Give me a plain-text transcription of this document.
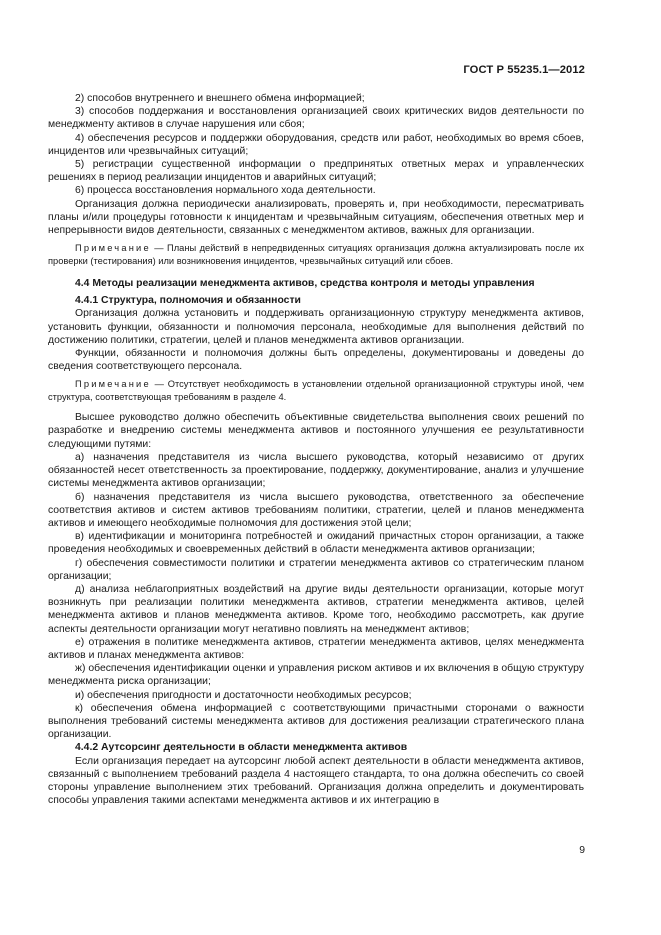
ГОСТ Р 55235.1—2012

2) способов внутреннего и внешнего обмена информацией;

3) способов поддержания и восстановления организацией своих критических видов деятельности по менеджменту активов в случае нарушения или сбоя;

4) обеспечения ресурсов и поддержки оборудования, средств или работ, необходимых во время сбоев, инцидентов или чрезвычайных ситуаций;

5) регистрации существенной информации о предпринятых ответных мерах и управленческих решениях в период реализации инцидентов и аварийных ситуаций;

6) процесса восстановления нормального хода деятельности.

Организация должна периодически анализировать, проверять и, при необходимости, пересматривать планы и/или процедуры готовности к инцидентам и чрезвычайным ситуациям, обеспечения ответных мер и непрерывности видов деятельности, связанных с менеджментом активов, важных для организации.

Примечание — Планы действий в непредвиденных ситуациях организация должна актуализировать после их проверки (тестирования) или возникновения инцидентов, чрезвычайных ситуаций или сбоев.

4.4 Методы реализации менеджмента активов, средства контроля и методы управления

4.4.1 Структура, полномочия и обязанности

Организация должна установить и поддерживать организационную структуру менеджмента активов, установить функции, обязанности и полномочия персонала, необходимые для выполнения действий по достижению политики, стратегии, целей и планов менеджмента активов организации.

Функции, обязанности и полномочия должны быть определены, документированы и доведены до сведения соответствующего персонала.

Примечание — Отсутствует необходимость в установлении отдельной организационной структуры иной, чем структура, соответствующая требованиям в разделе 4.

Высшее руководство должно обеспечить объективные свидетельства выполнения своих решений по разработке и внедрению системы менеджмента активов и постоянного улучшения ее результативности следующими путями:

а) назначения представителя из числа высшего руководства, который независимо от других обязанностей несет ответственность за проектирование, поддержку, документирование, анализ и улучшение системы менеджмента активов организации;

б) назначения представителя из числа высшего руководства, ответственного за обеспечение соответствия активов и систем активов требованиям политики, стратегии, целей и планов менеджмента активов и имеющего необходимые полномочия для достижения этой цели;

в) идентификации и мониторинга потребностей и ожиданий причастных сторон организации, а также проведения необходимых и своевременных действий в области менеджмента активов организации;

г) обеспечения совместимости политики и стратегии менеджмента активов со стратегическим планом организации;

д) анализа неблагоприятных воздействий на другие виды деятельности организации, которые могут возникнуть при реализации политики менеджмента активов, стратегии менеджмента активов, целей менеджмента активов и планов менеджмента активов. Кроме того, необходимо рассмотреть, как другие аспекты деятельности организации могут негативно повлиять на менеджмент активов;

е) отражения в политике менеджмента активов, стратегии менеджмента активов, целях менеджмента активов и планах менеджмента активов:

ж) обеспечения идентификации оценки и управления риском активов и их включения в общую структуру менеджмента риска организации;

и) обеспечения пригодности и достаточности необходимых ресурсов;

к) обеспечения обмена информацией с соответствующими причастными сторонами о важности выполнения требований системы менеджмента активов для достижения реализации стратегического плана организации.

4.4.2 Аутсорсинг деятельности в области менеджмента активов

Если организация передает на аутсорсинг любой аспект деятельности в области менеджмента активов, связанный с выполнением требований раздела 4 настоящего стандарта, то она должна обеспечить со своей стороны управление выполнением этих требований. Организация должна определить и документировать способы управления такими аспектами менеджмента активов и их интеграцию в

9
